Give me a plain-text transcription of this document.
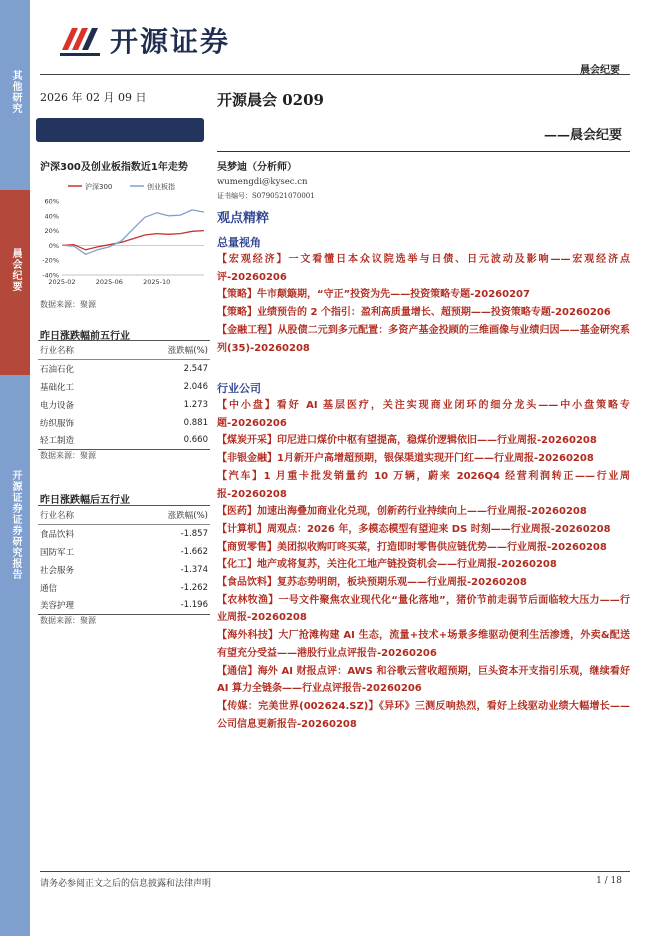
其他研究
晨会纪要
开源证券证券研究报告
开源证券
晨会纪要
2026 年 02 月 09 日
沪深300及创业板指数近1年走势
沪深300	创业板指
60%
40%
20%
0%
-20%
-40%
2025-02	2025-06	2025-10
数据来源：聚源
昨日涨跌幅前五行业
行业名称	涨跌幅(%)
石油石化	2.547
基础化工	2.046
电力设备	1.273
纺织服饰	0.881
轻工制造	0.660
数据来源：聚源
昨日涨跌幅后五行业
行业名称	涨跌幅(%)
食品饮料	-1.857
国防军工	-1.662
社会服务	-1.374
通信	-1.262
美容护理	-1.196
数据来源：聚源
开源晨会 0209
——晨会纪要
吴梦迪（分析师）
wumengdi@kysec.cn
证书编号：S0790521070001
观点精粹
总量视角
【宏观经济】一文看懂日本众议院选举与日债、日元波动及影响——宏观经济点评-20260206
【策略】牛市颠簸期，“守正”投资为先——投资策略专题-20260207
【策略】业绩预告的 2 个指引：盈利高质量增长、超预期——投资策略专题-20260206
【金融工程】从股债二元到多元配置：多资产基金投顾的三维画像与业绩归因——基金研究系列(35)-20260208
行业公司
【中小盘】看好 AI 基层医疗，关注实现商业闭环的细分龙头——中小盘策略专题-20260206
【煤炭开采】印尼进口煤价中枢有望提高，稳煤价逻辑依旧——行业周报-20260208
【非银金融】1月新开户高增超预期，银保渠道实现开门红——行业周报-20260208
【汽车】1 月重卡批发销量约 10 万辆，蔚来 2026Q4 经营利润转正——行业周报-20260208
【医药】加速出海叠加商业化兑现，创新药行业持续向上——行业周报-20260208
【计算机】周观点：2026 年，多模态模型有望迎来 DS 时刻——行业周报-20260208
【商贸零售】美团拟收购叮咚买菜，打造即时零售供应链优势——行业周报-20260208
【化工】地产或将复苏，关注化工地产链投资机会——行业周报-20260208
【食品饮料】复苏态势明朗，板块预期乐观——行业周报-20260208
【农林牧渔】一号文件聚焦农业现代化“量化落地”，猪价节前走弱节后面临较大压力——行业周报-20260208
【海外科技】大厂抢滩构建 AI 生态，流量+技术+场景多维驱动便利生活渗透，外卖&配送有望充分受益——港股行业点评报告-20260206
【通信】海外 AI 财报点评：AWS 和谷歌云营收超预期，巨头资本开支指引乐观，继续看好 AI 算力全链条——行业点评报告-20260206
【传媒：完美世界(002624.SZ)】《异环》三测反响热烈，看好上线驱动业绩大幅增长——公司信息更新报告-20260208
请务必参阅正文之后的信息披露和法律声明	1 / 18
